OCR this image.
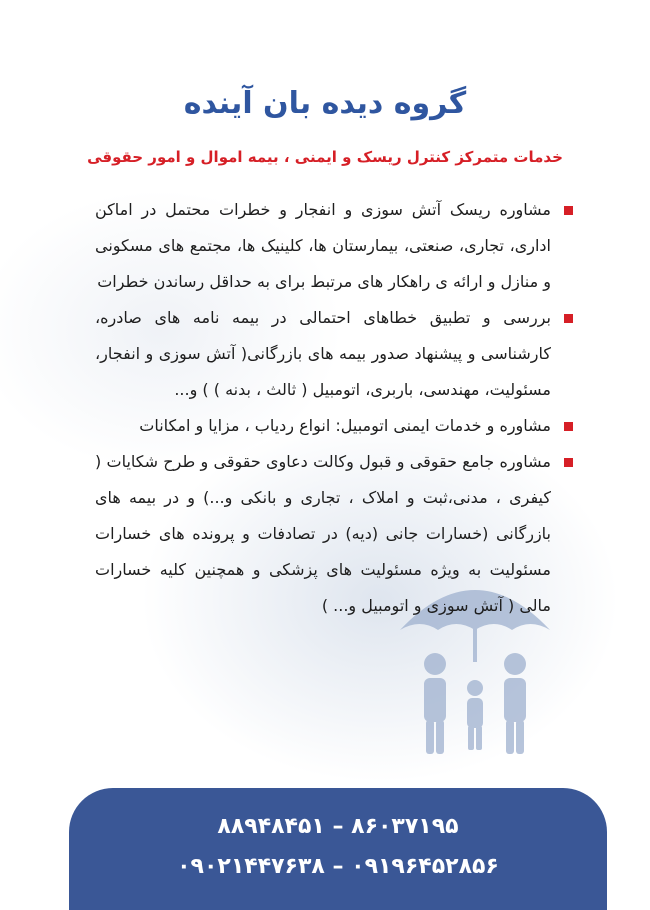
گروه دیده بان آینده
خدمات متمرکز کنترل ریسک و ایمنی ، بیمه اموال و امور حقوقی
مشاوره ریسک آتش سوزی و انفجار و خطرات محتمل در اماکن اداری، تجاری، صنعتی، بیمارستان ها، کلینیک ها، مجتمع های مسکونی و منازل و ارائه ی راهکار های مرتبط برای به حداقل رساندن خطرات
بررسی و تطبیق خطاهای احتمالی در بیمه نامه های صادره، کارشناسی و پیشنهاد صدور بیمه های بازرگانی( آتش سوزی و انفجار، مسئولیت، مهندسی، باربری، اتومبیل ( ثالث ، بدنه ) ) و...
مشاوره و خدمات ایمنی اتومبیل: انواع ردیاب ، مزایا و امکانات
مشاوره جامع حقوقی و قبول وکالت دعاوی حقوقی و طرح شکایات ( کیفری ، مدنی،ثبت و املاک ، تجاری و بانکی و...) و در بیمه های بازرگانی (خسارات جانی (دیه) در تصادفات و پرونده های خسارات مسئولیت به ویژه مسئولیت های پزشکی و همچنین کلیه خسارات مالی ( آتش سوزی و اتومبیل و... )
۸۸۹۴۸۴۵۱ – ۸۶۰۳۷۱۹۵
۰۹۰۲۱۴۴۷۶۳۸ – ۰۹۱۹۶۴۵۲۸۵۶
